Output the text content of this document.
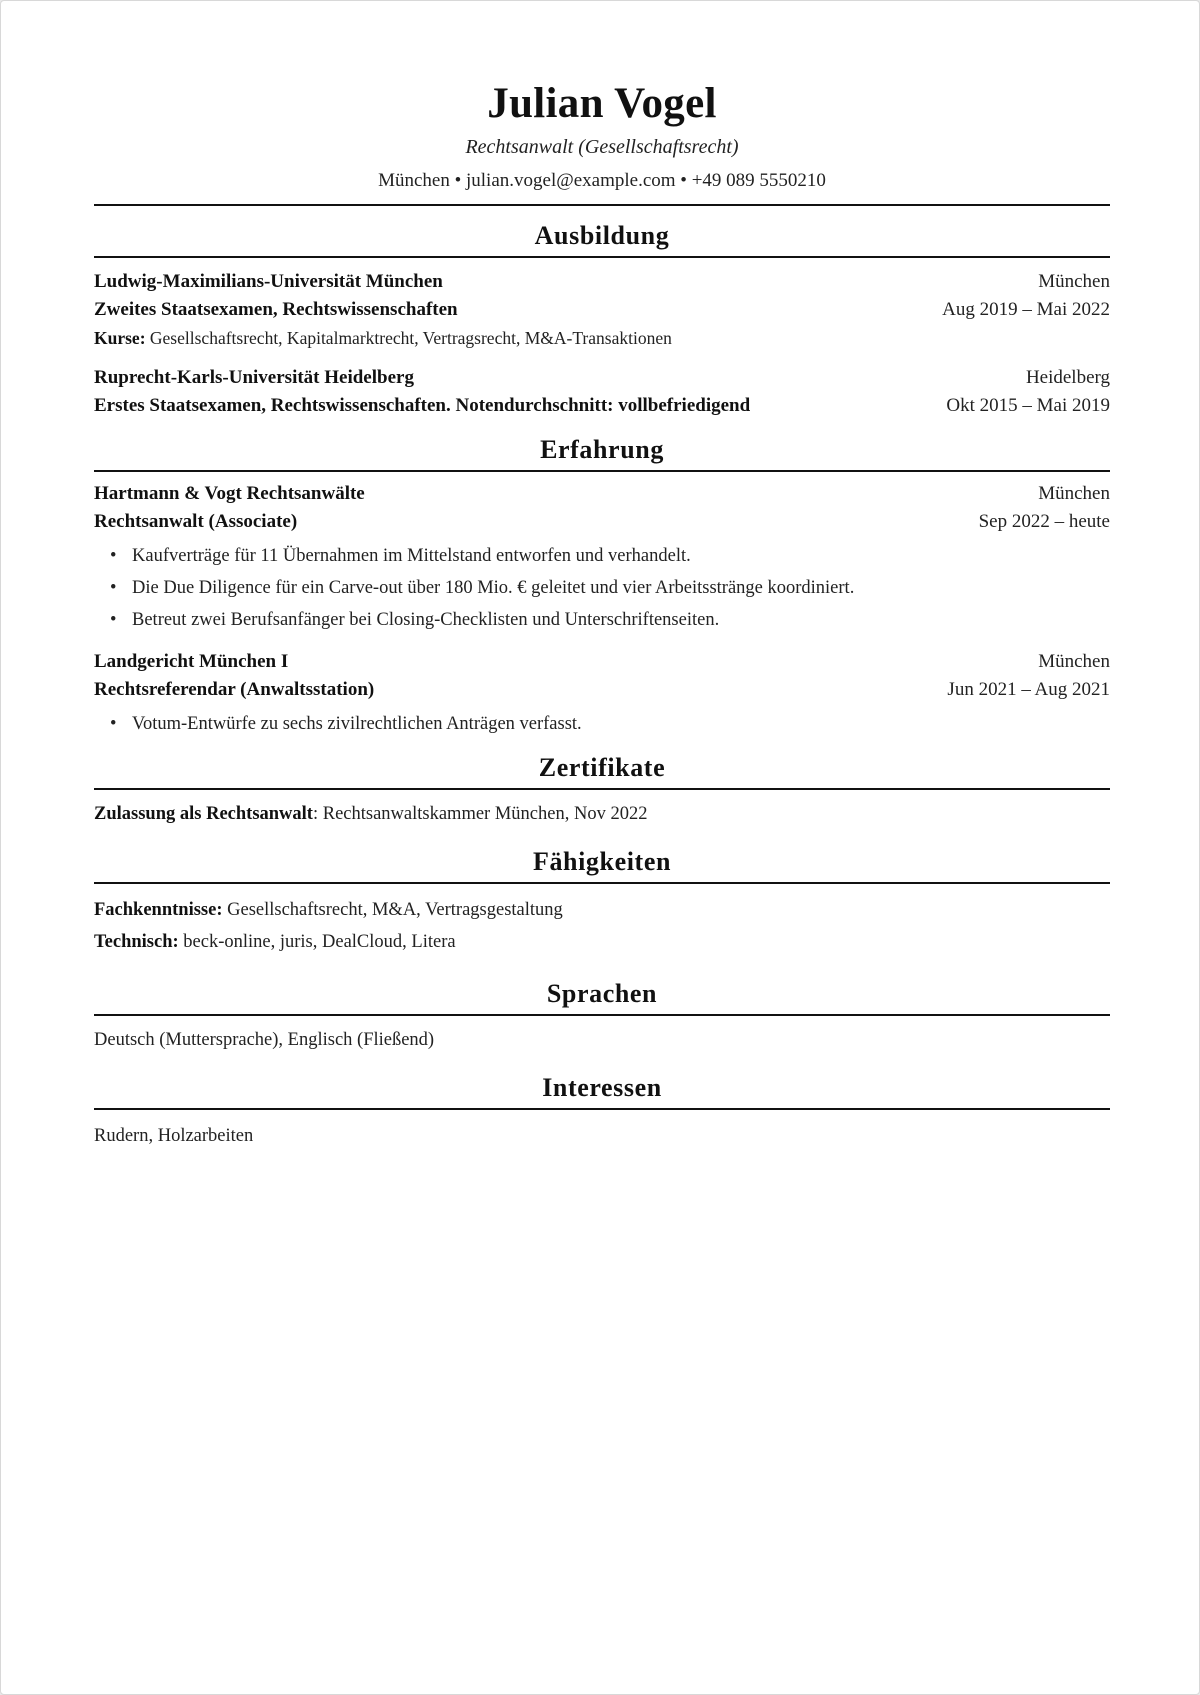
Julian Vogel
Rechtsanwalt (Gesellschaftsrecht)
München • julian.vogel@example.com • +49 089 5550210
Ausbildung
Ludwig-Maximilians-Universität München	München
Zweites Staatsexamen, Rechtswissenschaften	Aug 2019 – Mai 2022
Kurse: Gesellschaftsrecht, Kapitalmarktrecht, Vertragsrecht, M&A-Transaktionen
Ruprecht-Karls-Universität Heidelberg	Heidelberg
Erstes Staatsexamen, Rechtswissenschaften. Notendurchschnitt: vollbefriedigend	Okt 2015 – Mai 2019
Erfahrung
Hartmann & Vogt Rechtsanwälte	München
Rechtsanwalt (Associate)	Sep 2022 – heute
• Kaufverträge für 11 Übernahmen im Mittelstand entworfen und verhandelt.
• Die Due Diligence für ein Carve-out über 180 Mio. € geleitet und vier Arbeitsstränge koordiniert.
• Betreut zwei Berufsanfänger bei Closing-Checklisten und Unterschriftenseiten.
Landgericht München I	München
Rechtsreferendar (Anwaltsstation)	Jun 2021 – Aug 2021
• Votum-Entwürfe zu sechs zivilrechtlichen Anträgen verfasst.
Zertifikate
Zulassung als Rechtsanwalt: Rechtsanwaltskammer München, Nov 2022
Fähigkeiten
Fachkenntnisse: Gesellschaftsrecht, M&A, Vertragsgestaltung
Technisch: beck-online, juris, DealCloud, Litera
Sprachen
Deutsch (Muttersprache), Englisch (Fließend)
Interessen
Rudern, Holzarbeiten
